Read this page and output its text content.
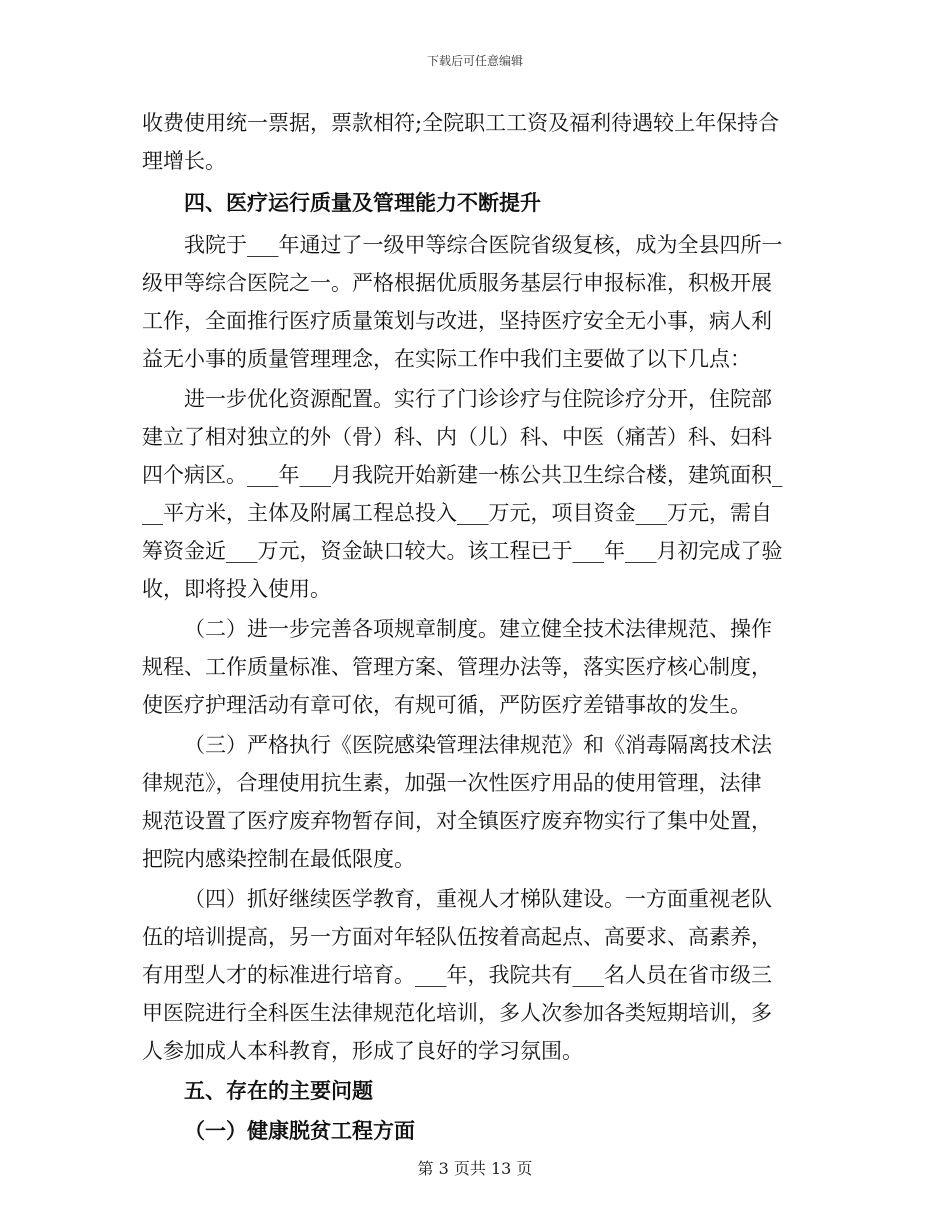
下载后可任意编辑
收费使用统一票据，票款相符;全院职工工资及福利待遇较上年保持合
理增长。
四、医疗运行质量及管理能力不断提升
我院于___年通过了一级甲等综合医院省级复核，成为全县四所一
级甲等综合医院之一。严格根据优质服务基层行申报标准，积极开展
工作，全面推行医疗质量策划与改进，坚持医疗安全无小事，病人利
益无小事的质量管理理念，在实际工作中我们主要做了以下几点：
进一步优化资源配置。实行了门诊诊疗与住院诊疗分开，住院部
建立了相对独立的外（骨）科、内（儿）科、中医（痛苦）科、妇科
四个病区。___年___月我院开始新建一栋公共卫生综合楼，建筑面积_
__平方米，主体及附属工程总投入___万元，项目资金___万元，需自
筹资金近___万元，资金缺口较大。该工程已于___年___月初完成了验
收，即将投入使用。
（二）进一步完善各项规章制度。建立健全技术法律规范、操作
规程、工作质量标准、管理方案、管理办法等，落实医疗核心制度，
使医疗护理活动有章可依，有规可循，严防医疗差错事故的发生。
（三）严格执行《医院感染管理法律规范》和《消毒隔离技术法
律规范》，合理使用抗生素，加强一次性医疗用品的使用管理，法律
规范设置了医疗废弃物暂存间，对全镇医疗废弃物实行了集中处置，
把院内感染控制在最低限度。
（四）抓好继续医学教育，重视人才梯队建设。一方面重视老队
伍的培训提高，另一方面对年轻队伍按着高起点、高要求、高素养，
有用型人才的标准进行培育。___年，我院共有___名人员在省市级三
甲医院进行全科医生法律规范化培训，多人次参加各类短期培训，多
人参加成人本科教育，形成了良好的学习氛围。
五、存在的主要问题
（一）健康脱贫工程方面
第 3 页共 13 页
